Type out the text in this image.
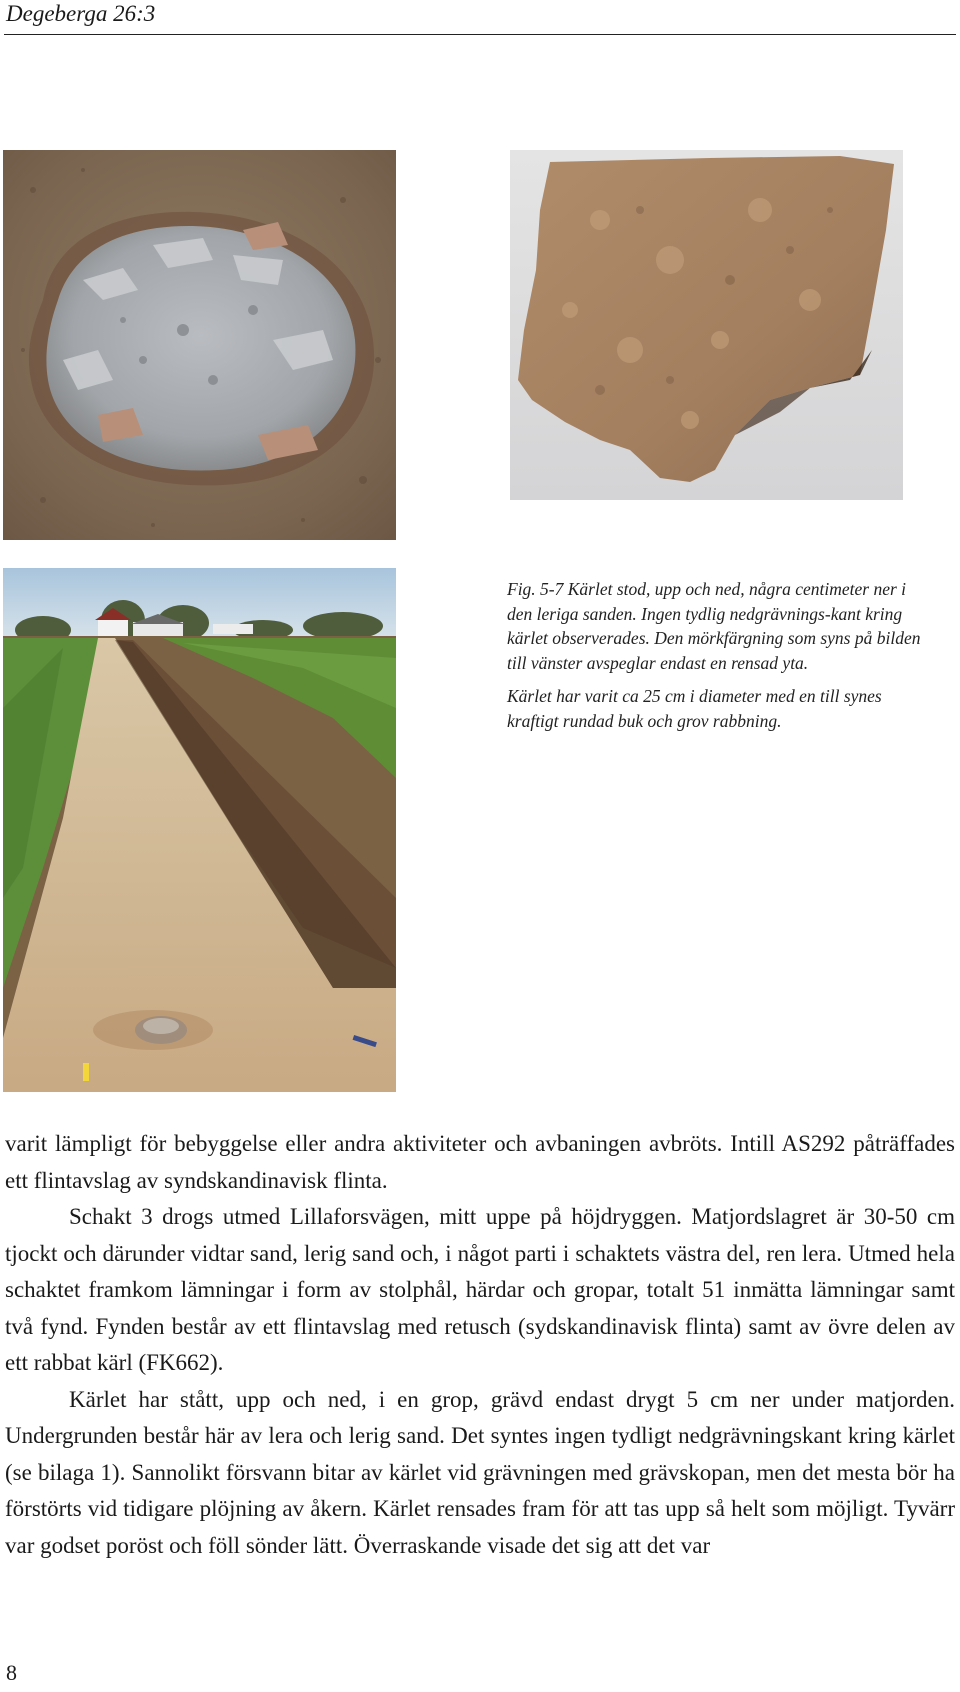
Degeberga 26:3

Fig. 5-7 Kärlet stod, upp och ned, några centimeter ner i den leriga sanden. Ingen tydlig nedgrävnings-kant kring kärlet observerades. Den mörkfärgning som syns på bilden till vänster avspeglar endast en rensad yta.

Kärlet har varit ca 25 cm i diameter med en till synes kraftigt rundad buk och grov rabbning.

varit lämpligt för bebyggelse eller andra aktiviteter och avbaningen avbröts. Intill AS292 påträffades ett flintavslag av syndskandinavisk flinta.

Schakt 3 drogs utmed Lillaforsvägen, mitt uppe på höjdryggen. Matjordslagret är 30-50 cm tjockt och därunder vidtar sand, lerig sand och, i något parti i schaktets västra del, ren lera. Utmed hela schaktet framkom lämningar i form av stolphål, härdar och gropar, totalt 51 inmätta lämningar samt två fynd. Fynden består av ett flintavslag med retusch (sydskandinavisk flinta) samt av övre delen av ett rabbat kärl (FK662).

Kärlet har stått, upp och ned, i en grop, grävd endast drygt 5 cm ner under matjorden. Undergrunden består här av lera och lerig sand. Det syntes ingen tydligt nedgrävningskant kring kärlet (se bilaga 1). Sannolikt försvann bitar av kärlet vid grävningen med grävskopan, men det mesta bör ha förstörts vid tidigare plöjning av åkern. Kärlet rensades fram för att tas upp så helt som möjligt. Tyvärr var godset poröst och föll sönder lätt. Överraskande visade det sig att det var

8
